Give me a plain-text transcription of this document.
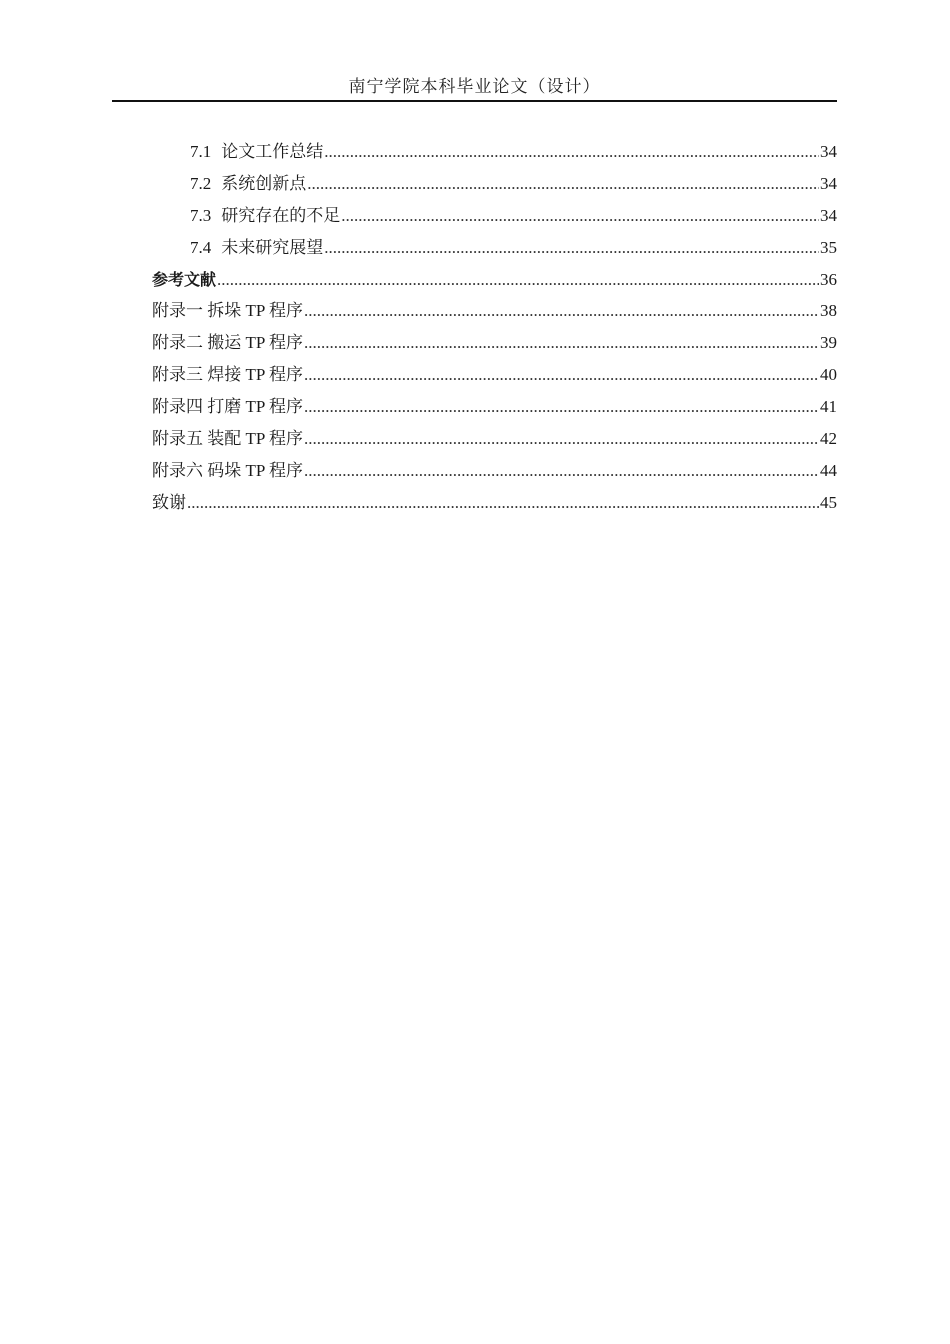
南宁学院本科毕业论文（设计）
7.1 论文工作总结 .....	34
7.2 系统创新点 .....	34
7.3 研究存在的不足 .....	34
7.4 未来研究展望 .....	35
参考文献 .....	36
附录一 拆垛 TP 程序 .....	38
附录二 搬运 TP 程序 .....	39
附录三 焊接 TP 程序 .....	40
附录四 打磨 TP 程序 .....	41
附录五 装配 TP 程序 .....	42
附录六 码垛 TP 程序 .....	44
致谢 .....	45
